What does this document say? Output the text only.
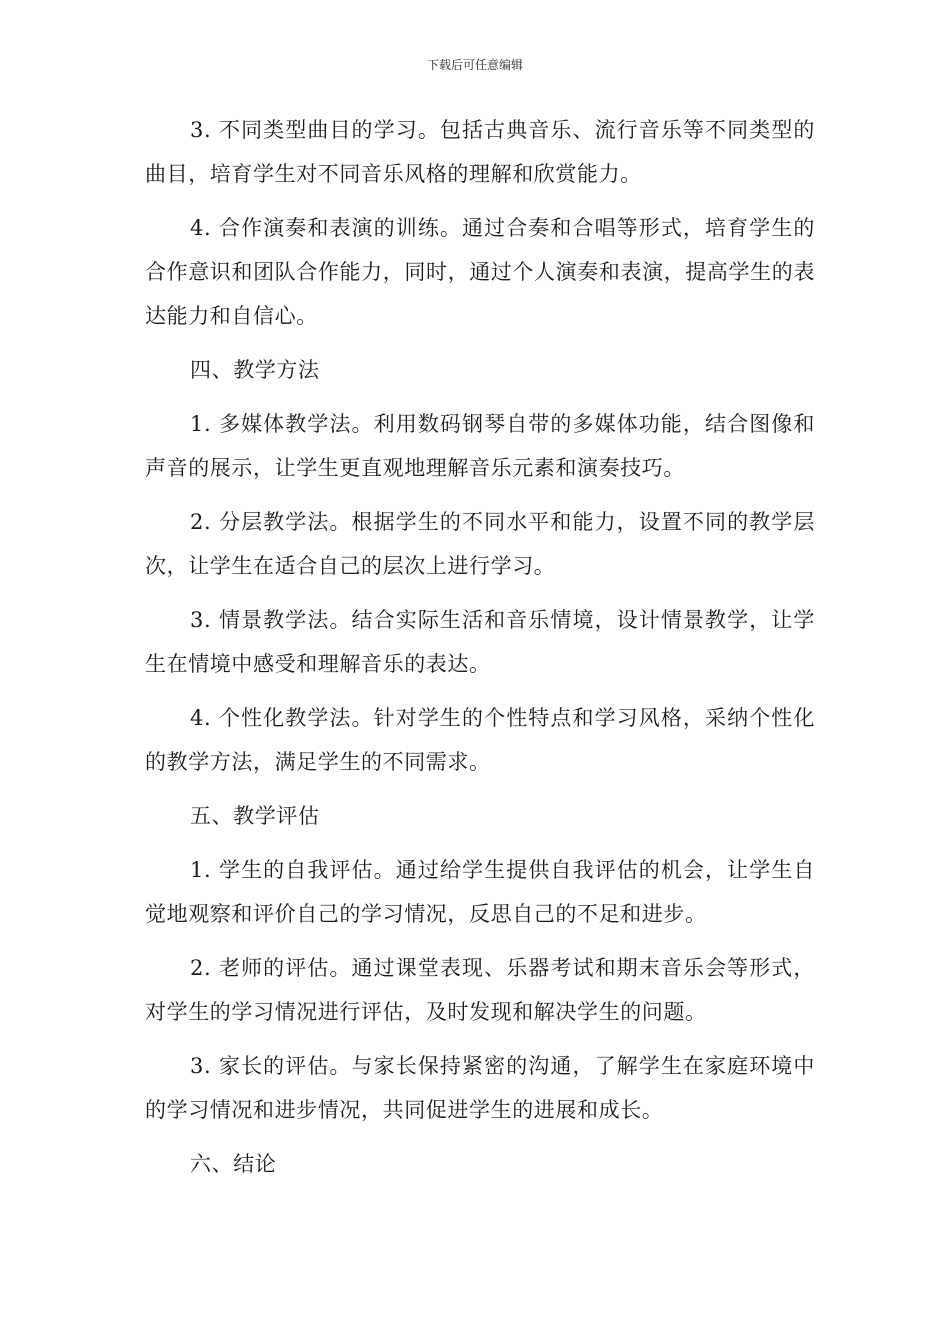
下载后可任意编辑

3. 不同类型曲目的学习。包括古典音乐、流行音乐等不同类型的曲目，培育学生对不同音乐风格的理解和欣赏能力。

4. 合作演奏和表演的训练。通过合奏和合唱等形式，培育学生的合作意识和团队合作能力，同时，通过个人演奏和表演，提高学生的表达能力和自信心。

四、教学方法

1. 多媒体教学法。利用数码钢琴自带的多媒体功能，结合图像和声音的展示，让学生更直观地理解音乐元素和演奏技巧。

2. 分层教学法。根据学生的不同水平和能力，设置不同的教学层次，让学生在适合自己的层次上进行学习。

3. 情景教学法。结合实际生活和音乐情境，设计情景教学，让学生在情境中感受和理解音乐的表达。

4. 个性化教学法。针对学生的个性特点和学习风格，采纳个性化的教学方法，满足学生的不同需求。

五、教学评估

1. 学生的自我评估。通过给学生提供自我评估的机会，让学生自觉地观察和评价自己的学习情况，反思自己的不足和进步。

2. 老师的评估。通过课堂表现、乐器考试和期末音乐会等形式，对学生的学习情况进行评估，及时发现和解决学生的问题。

3. 家长的评估。与家长保持紧密的沟通，了解学生在家庭环境中的学习情况和进步情况，共同促进学生的进展和成长。

六、结论
